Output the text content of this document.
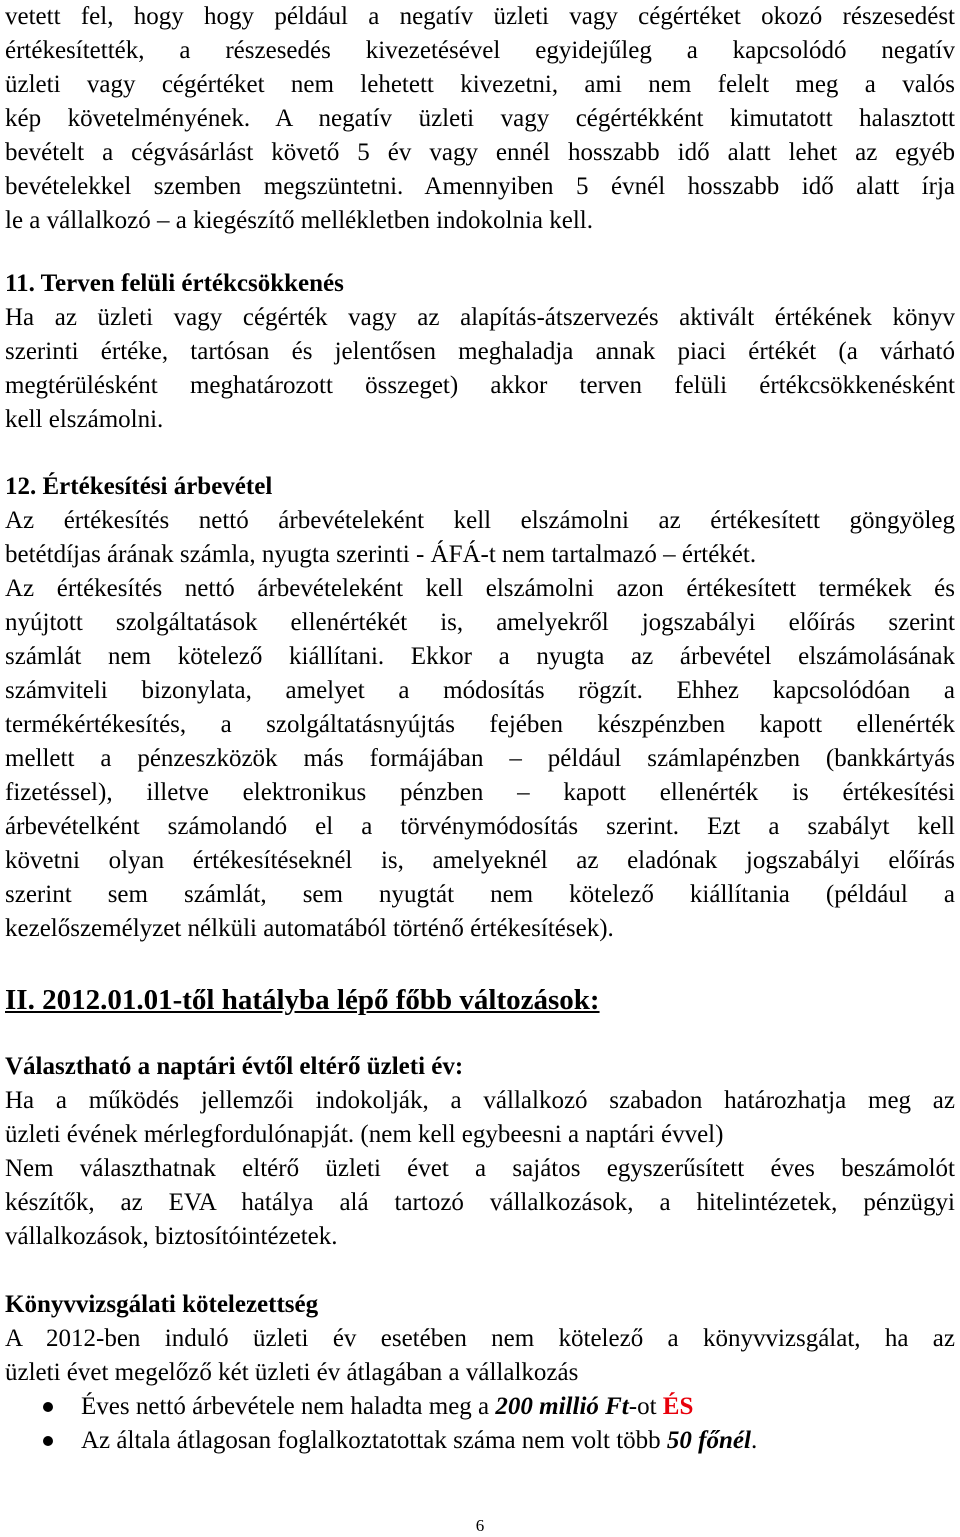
vetett fel, hogy hogy például a negatív üzleti vagy cégértéket okozó részesedést
értékesítették, a részesedés kivezetésével egyidejűleg a kapcsolódó negatív
üzleti vagy cégértéket nem lehetett kivezetni, ami nem felelt meg a valós
kép követelményének. A negatív üzleti vagy cégértékként kimutatott halasztott
bevételt a cégvásárlást követő 5 év vagy ennél hosszabb idő alatt lehet az egyéb
bevételekkel szemben megszüntetni. Amennyiben 5 évnél hosszabb idő alatt írja
le a vállalkozó – a kiegészítő mellékletben indokolnia kell.
11. Terven felüli értékcsökkenés
Ha az üzleti vagy cégérték vagy az alapítás-átszervezés aktivált értékének könyv
szerinti értéke, tartósan és jelentősen meghaladja annak piaci értékét (a várható
megtérülésként meghatározott összeget) akkor terven felüli értékcsökkenésként
kell elszámolni.
12. Értékesítési árbevétel
Az értékesítés nettó árbevételeként kell elszámolni az értékesített göngyöleg
betétdíjas árának számla, nyugta szerinti - ÁFÁ-t nem tartalmazó – értékét.
Az értékesítés nettó árbevételeként kell elszámolni azon értékesített termékek és
nyújtott szolgáltatások ellenértékét is, amelyekről jogszabályi előírás szerint
számlát nem kötelező kiállítani. Ekkor a nyugta az árbevétel elszámolásának
számviteli bizonylata, amelyet a módosítás rögzít. Ehhez kapcsolódóan a
termékértékesítés, a szolgáltatásnyújtás fejében készpénzben kapott ellenérték
mellett a pénzeszközök más formájában – például számlapénzben (bankkártyás
fizetéssel), illetve elektronikus pénzben – kapott ellenérték is értékesítési
árbevételként számolandó el a törvénymódosítás szerint. Ezt a szabályt kell
követni olyan értékesítéseknél is, amelyeknél az eladónak jogszabályi előírás
szerint sem számlát, sem nyugtát nem kötelező kiállítania (például a
kezelőszemélyzet nélküli automatából történő értékesítések).
II. 2012.01.01-től hatályba lépő főbb változások:
Választható a naptári évtől eltérő üzleti év:
Ha a működés jellemzői indokolják, a vállalkozó szabadon határozhatja meg az
üzleti évének mérlegfordulónapját. (nem kell egybeesni a naptári évvel)
Nem választhatnak eltérő üzleti évet a sajátos egyszerűsített éves beszámolót
készítők, az EVA hatálya alá tartozó vállalkozások, a hitelintézetek, pénzügyi
vállalkozások, biztosítóintézetek.
Könyvvizsgálati kötelezettség
A 2012-ben induló üzleti év esetében nem kötelező a könyvvizsgálat, ha az
üzleti évet megelőző két üzleti év átlagában a vállalkozás
Éves nettó árbevétele nem haladta meg a 200 millió Ft-ot ÉS
Az általa átlagosan foglalkoztatottak száma nem volt több 50 főnél.
6
